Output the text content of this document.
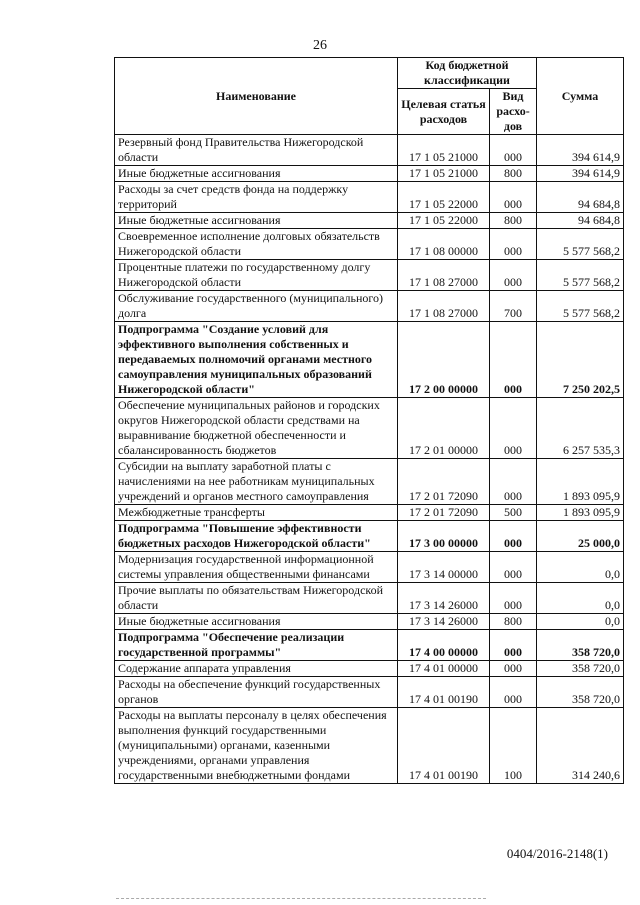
26
Наименование	Код бюджетной классификации		Сумма
	Целевая статья расходов	Вид расхо-дов	
Резервный фонд Правительства Нижегородской области	17 1 05 21000	000	394 614,9
Иные бюджетные ассигнования	17 1 05 21000	800	394 614,9
Расходы за счет средств фонда на поддержку территорий	17 1 05 22000	000	94 684,8
Иные бюджетные ассигнования	17 1 05 22000	800	94 684,8
Своевременное исполнение долговых обязательств Нижегородской области	17 1 08 00000	000	5 577 568,2
Процентные платежи по государственному долгу Нижегородской области	17 1 08 27000	000	5 577 568,2
Обслуживание государственного (муниципального) долга	17 1 08 27000	700	5 577 568,2
Подпрограмма "Создание условий для эффективного выполнения собственных и передаваемых полномочий органами местного самоуправления муниципальных образований Нижегородской области"	17 2 00 00000	000	7 250 202,5
Обеспечение муниципальных районов и городских округов Нижегородской области средствами на выравнивание бюджетной обеспеченности и сбалансированность бюджетов	17 2 01 00000	000	6 257 535,3
Субсидии на выплату заработной платы с начислениями на нее работникам муниципальных учреждений и органов местного самоуправления	17 2 01 72090	000	1 893 095,9
Межбюджетные трансферты	17 2 01 72090	500	1 893 095,9
Подпрограмма "Повышение эффективности бюджетных расходов Нижегородской области"	17 3 00 00000	000	25 000,0
Модернизация государственной информационной системы управления общественными финансами	17 3 14 00000	000	0,0
Прочие выплаты по обязательствам Нижегородской области	17 3 14 26000	000	0,0
Иные бюджетные ассигнования	17 3 14 26000	800	0,0
Подпрограмма "Обеспечение реализации государственной программы"	17 4 00 00000	000	358 720,0
Содержание аппарата управления	17 4 01 00000	000	358 720,0
Расходы на обеспечение функций государственных органов	17 4 01 00190	000	358 720,0
Расходы на выплаты персоналу в целях обеспечения выполнения функций государственными (муниципальными) органами, казенными учреждениями, органами управления государственными внебюджетными фондами	17 4 01 00190	100	314 240,6
0404/2016-2148(1)
